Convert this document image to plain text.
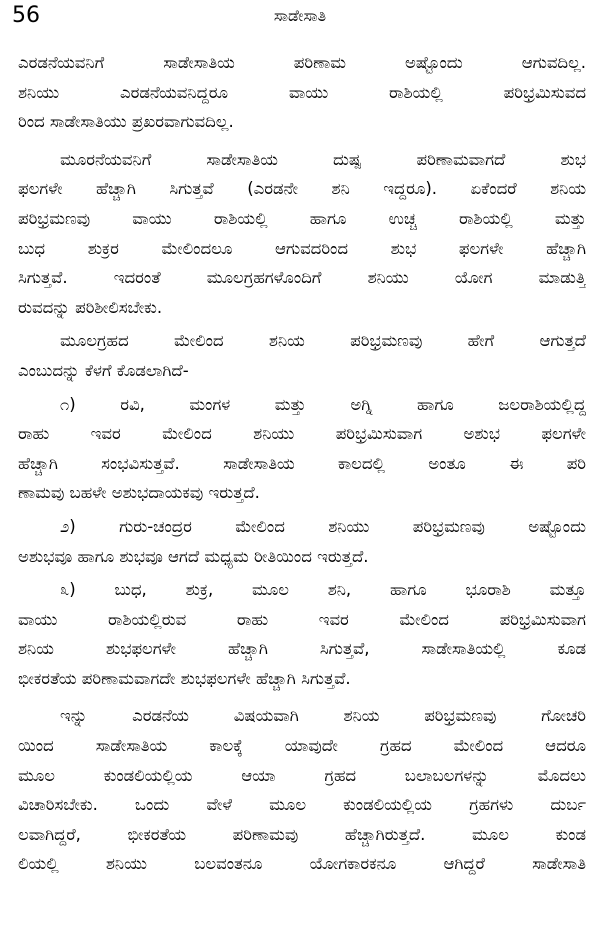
56	ಸಾಡೇಸಾತಿ
ಎರಡನೆಯವನಿಗೆ ಸಾಡೇಸಾತಿಯ ಪರಿಣಾಮ ಅಷ್ಟೊಂದು ಆಗುವದಿಲ್ಲ.
ಶನಿಯು ಎರಡನೆಯವನಿದ್ದರೂ ವಾಯು ರಾಶಿಯಲ್ಲಿ ಪರಿಭ್ರಮಿಸುವದ
ರಿಂದ ಸಾಡೇಸಾತಿಯು ಪ್ರಖರವಾಗುವದಿಲ್ಲ.
ಮೂರನೆಯವನಿಗೆ ಸಾಡೇಸಾತಿಯ ದುಷ್ಪ ಪರಿಣಾಮವಾಗದೆ ಶುಭ
ಫಲಗಳೇ ಹೆಚ್ಚಾಗಿ ಸಿಗುತ್ತವೆ (ಎರಡನೇ ಶನಿ ಇದ್ದರೂ). ಏಕೆಂದರೆ ಶನಿಯ
ಪರಿಭ್ರಮಣವು ವಾಯು ರಾಶಿಯಲ್ಲಿ ಹಾಗೂ ಉಚ್ಚ ರಾಶಿಯಲ್ಲಿ ಮತ್ತು
ಬುಧ ಶುಕ್ರರ ಮೇಲಿಂದಲೂ ಆಗುವದರಿಂದ ಶುಭ ಫಲಗಳೇ ಹೆಚ್ಚಾಗಿ
ಸಿಗುತ್ತವೆ. ಇದರಂತೆ ಮೂಲಗ್ರಹಗಳೊಂದಿಗೆ ಶನಿಯು ಯೋಗ ಮಾಡುತ್ತಿ
ರುವದನ್ನು ಪರಿಶೀಲಿಸಬೇಕು.
ಮೂಲಗ್ರಹದ ಮೇಲಿಂದ ಶನಿಯ ಪರಿಭ್ರಮಣವು ಹೇಗೆ ಆಗುತ್ತದೆ
ಎಂಬುದನ್ನು ಕೆಳಗೆ ಕೊಡಲಾಗಿದೆ-
೧) ರವಿ, ಮಂಗಳ ಮತ್ತು ಅಗ್ನಿ ಹಾಗೂ ಜಲರಾಶಿಯಲ್ಲಿದ್ದ
ರಾಹು ಇವರ ಮೇಲಿಂದ ಶನಿಯು ಪರಿಭ್ರಮಿಸುವಾಗ ಅಶುಭ ಫಲಗಳೇ
ಹೆಚ್ಚಾಗಿ ಸಂಭವಿಸುತ್ತವೆ. ಸಾಡೇಸಾತಿಯ ಕಾಲದಲ್ಲಿ ಅಂತೂ ಈ ಪರಿ
ಣಾಮವು ಬಹಳೇ ಅಶುಭದಾಯಕವು ಇರುತ್ತದೆ.
೨) ಗುರು-ಚಂದ್ರರ ಮೇಲಿಂದ ಶನಿಯು ಪರಿಭ್ರಮಣವು ಅಷ್ಟೊಂದು
ಅಶುಭವೂ ಹಾಗೂ ಶುಭವೂ ಆಗದೆ ಮಧ್ಯಮ ರೀತಿಯಿಂದ ಇರುತ್ತದೆ.
೩) ಬುಧ, ಶುಕ್ರ, ಮೂಲ ಶನಿ, ಹಾಗೂ ಭೂರಾಶಿ ಮತ್ತೂ
ವಾಯು ರಾಶಿಯಲ್ಲಿರುವ ರಾಹು ಇವರ ಮೇಲಿಂದ ಪರಿಭ್ರಮಿಸುವಾಗ
ಶನಿಯ ಶುಭಫಲಗಳೇ ಹೆಚ್ಚಾಗಿ ಸಿಗುತ್ತವೆ, ಸಾಡೇಸಾತಿಯಲ್ಲಿ ಕೂಡ
ಭೀಕರತೆಯ ಪರಿಣಾಮವಾಗದೇ ಶುಭಫಲಗಳೇ ಹೆಚ್ಚಾಗಿ ಸಿಗುತ್ತವೆ.
ಇನ್ನು ಎರಡನೆಯ ವಿಷಯವಾಗಿ ಶನಿಯ ಪರಿಭ್ರಮಣವು ಗೋಚರಿ
ಯಿಂದ ಸಾಡೇಸಾತಿಯ ಕಾಲಕ್ಕೆ ಯಾವುದೇ ಗ್ರಹದ ಮೇಲಿಂದ ಆದರೂ
ಮೂಲ ಕುಂಡಲಿಯಲ್ಲಿಯ ಆಯಾ ಗ್ರಹದ ಬಲಾಬಲಗಳನ್ನು ಮೊದಲು
ವಿಚಾರಿಸಬೇಕು. ಒಂದು ವೇಳೆ ಮೂಲ ಕುಂಡಲಿಯಲ್ಲಿಯ ಗ್ರಹಗಳು ದುರ್ಬ
ಲವಾಗಿದ್ದರೆ, ಭೀಕರತೆಯ ಪರಿಣಾಮವು ಹೆಚ್ಚಾಗಿರುತ್ತದೆ. ಮೂಲ ಕುಂಡ
ಲಿಯಲ್ಲಿ ಶನಿಯು ಬಲವಂತನೂ ಯೋಗಕಾರಕನೂ ಆಗಿದ್ದರೆ ಸಾಡೇಸಾತಿ
